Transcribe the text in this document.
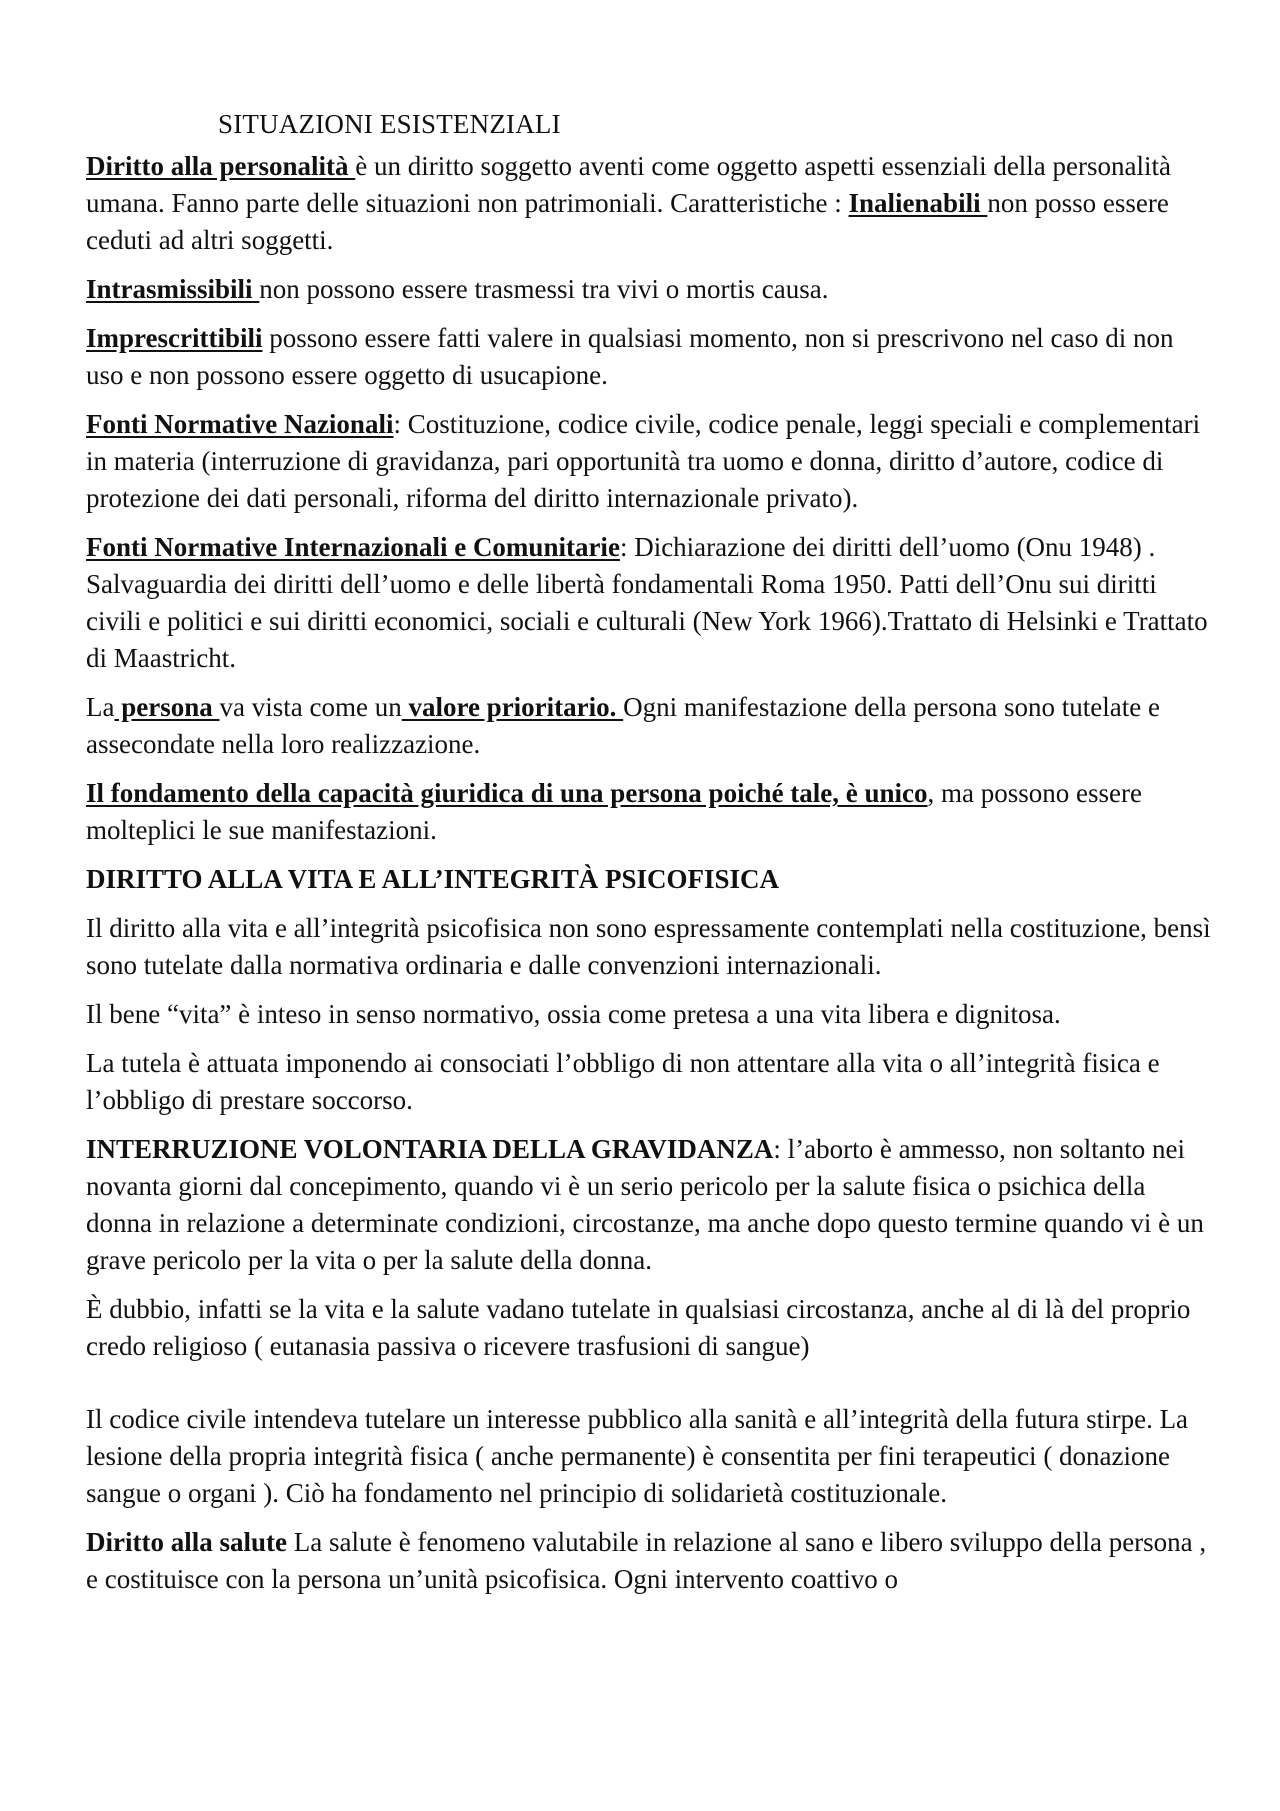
SITUAZIONI ESISTENZIALI

Diritto alla personalità è un diritto soggetto aventi come oggetto aspetti essenziali della personalità umana. Fanno parte delle situazioni non patrimoniali. Caratteristiche : Inalienabili non posso essere ceduti ad altri soggetti.

Intrasmissibili non possono essere trasmessi tra vivi o mortis causa.

Imprescrittibili possono essere fatti valere in qualsiasi momento, non si prescrivono nel caso di non uso e non possono essere oggetto di usucapione.

Fonti Normative Nazionali: Costituzione, codice civile, codice penale, leggi speciali e complementari in materia (interruzione di gravidanza, pari opportunità tra uomo e donna, diritto d’autore, codice di protezione dei dati personali, riforma del diritto internazionale privato).

Fonti Normative Internazionali e Comunitarie: Dichiarazione dei diritti dell’uomo (Onu 1948) . Salvaguardia dei diritti dell’uomo e delle libertà fondamentali Roma 1950. Patti dell’Onu sui diritti civili e politici e sui diritti economici, sociali e culturali (New York 1966).Trattato di Helsinki e Trattato di Maastricht.

La persona va vista come un valore prioritario. Ogni manifestazione della persona sono tutelate e assecondate nella loro realizzazione.

Il fondamento della capacità giuridica di una persona poiché tale, è unico, ma possono essere molteplici le sue manifestazioni.

DIRITTO ALLA VITA E ALL’INTEGRITÀ PSICOFISICA

Il diritto alla vita e all’integrità psicofisica non sono espressamente contemplati nella costituzione, bensì sono tutelate dalla normativa ordinaria e dalle convenzioni internazionali.

Il bene “vita” è inteso in senso normativo, ossia come pretesa a una vita libera e dignitosa.

La tutela è attuata imponendo ai consociati l’obbligo di non attentare alla vita o all’integrità fisica e l’obbligo di prestare soccorso.

INTERRUZIONE VOLONTARIA DELLA GRAVIDANZA: l’aborto è ammesso, non soltanto nei novanta giorni dal concepimento, quando vi è un serio pericolo per la salute fisica o psichica della donna in relazione a determinate condizioni, circostanze, ma anche dopo questo termine quando vi è un grave pericolo per la vita o per la salute della donna.

È dubbio, infatti se la vita e la salute vadano tutelate in qualsiasi circostanza, anche al di là del proprio credo religioso ( eutanasia passiva o ricevere trasfusioni di sangue)

Il codice civile intendeva tutelare un interesse pubblico alla sanità e all’integrità della futura stirpe. La lesione della propria integrità fisica ( anche permanente) è consentita per fini terapeutici ( donazione sangue o organi ). Ciò ha fondamento nel principio di solidarietà costituzionale.

Diritto alla salute La salute è fenomeno valutabile in relazione al sano e libero sviluppo della persona , e costituisce con la persona un’unità psicofisica. Ogni intervento coattivo o
